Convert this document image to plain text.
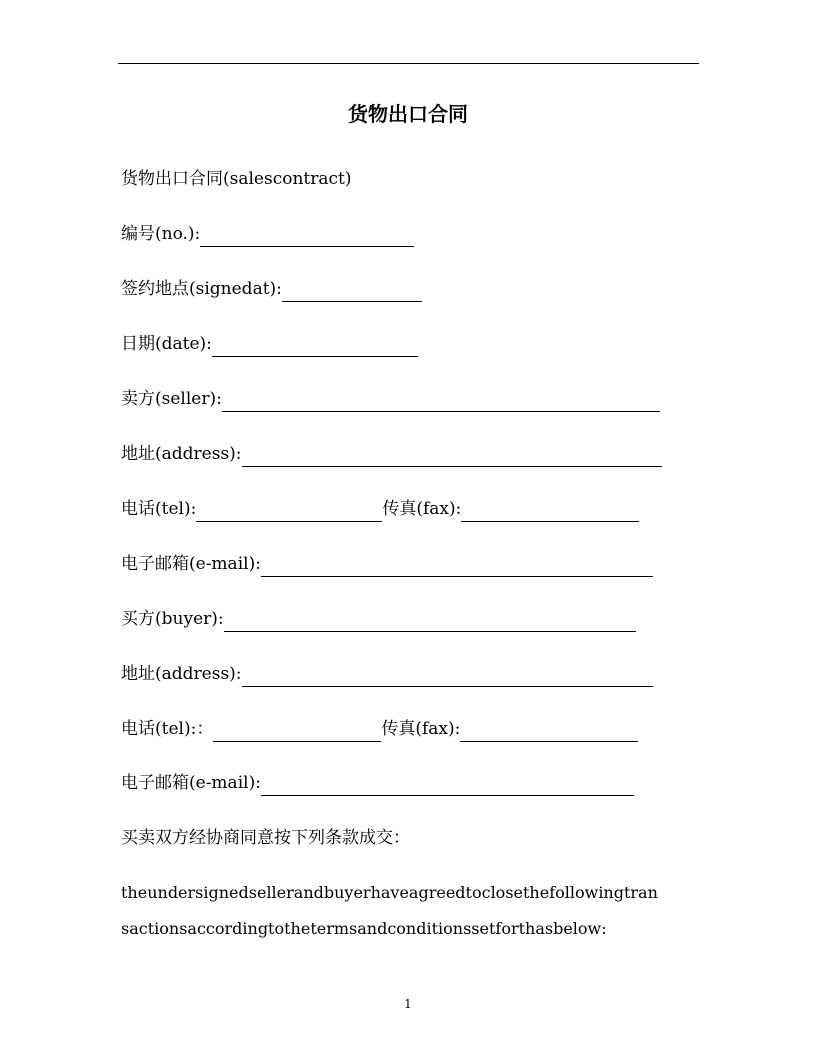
货物出口合同
货物出口合同(salescontract)
编号(no.):
签约地点(signedat):
日期(date):
卖方(seller):
地址(address):
电话(tel):	传真(fax):
电子邮箱(e-mail):
买方(buyer):
地址(address):
电话(tel):：	传真(fax):
电子邮箱(e-mail):
买卖双方经协商同意按下列条款成交：
theundersignedsellerandbuyerhaveagreedtoclosethefollowingtran
sactionsaccordingtothetermsandconditionssetforthasbelow:
1
